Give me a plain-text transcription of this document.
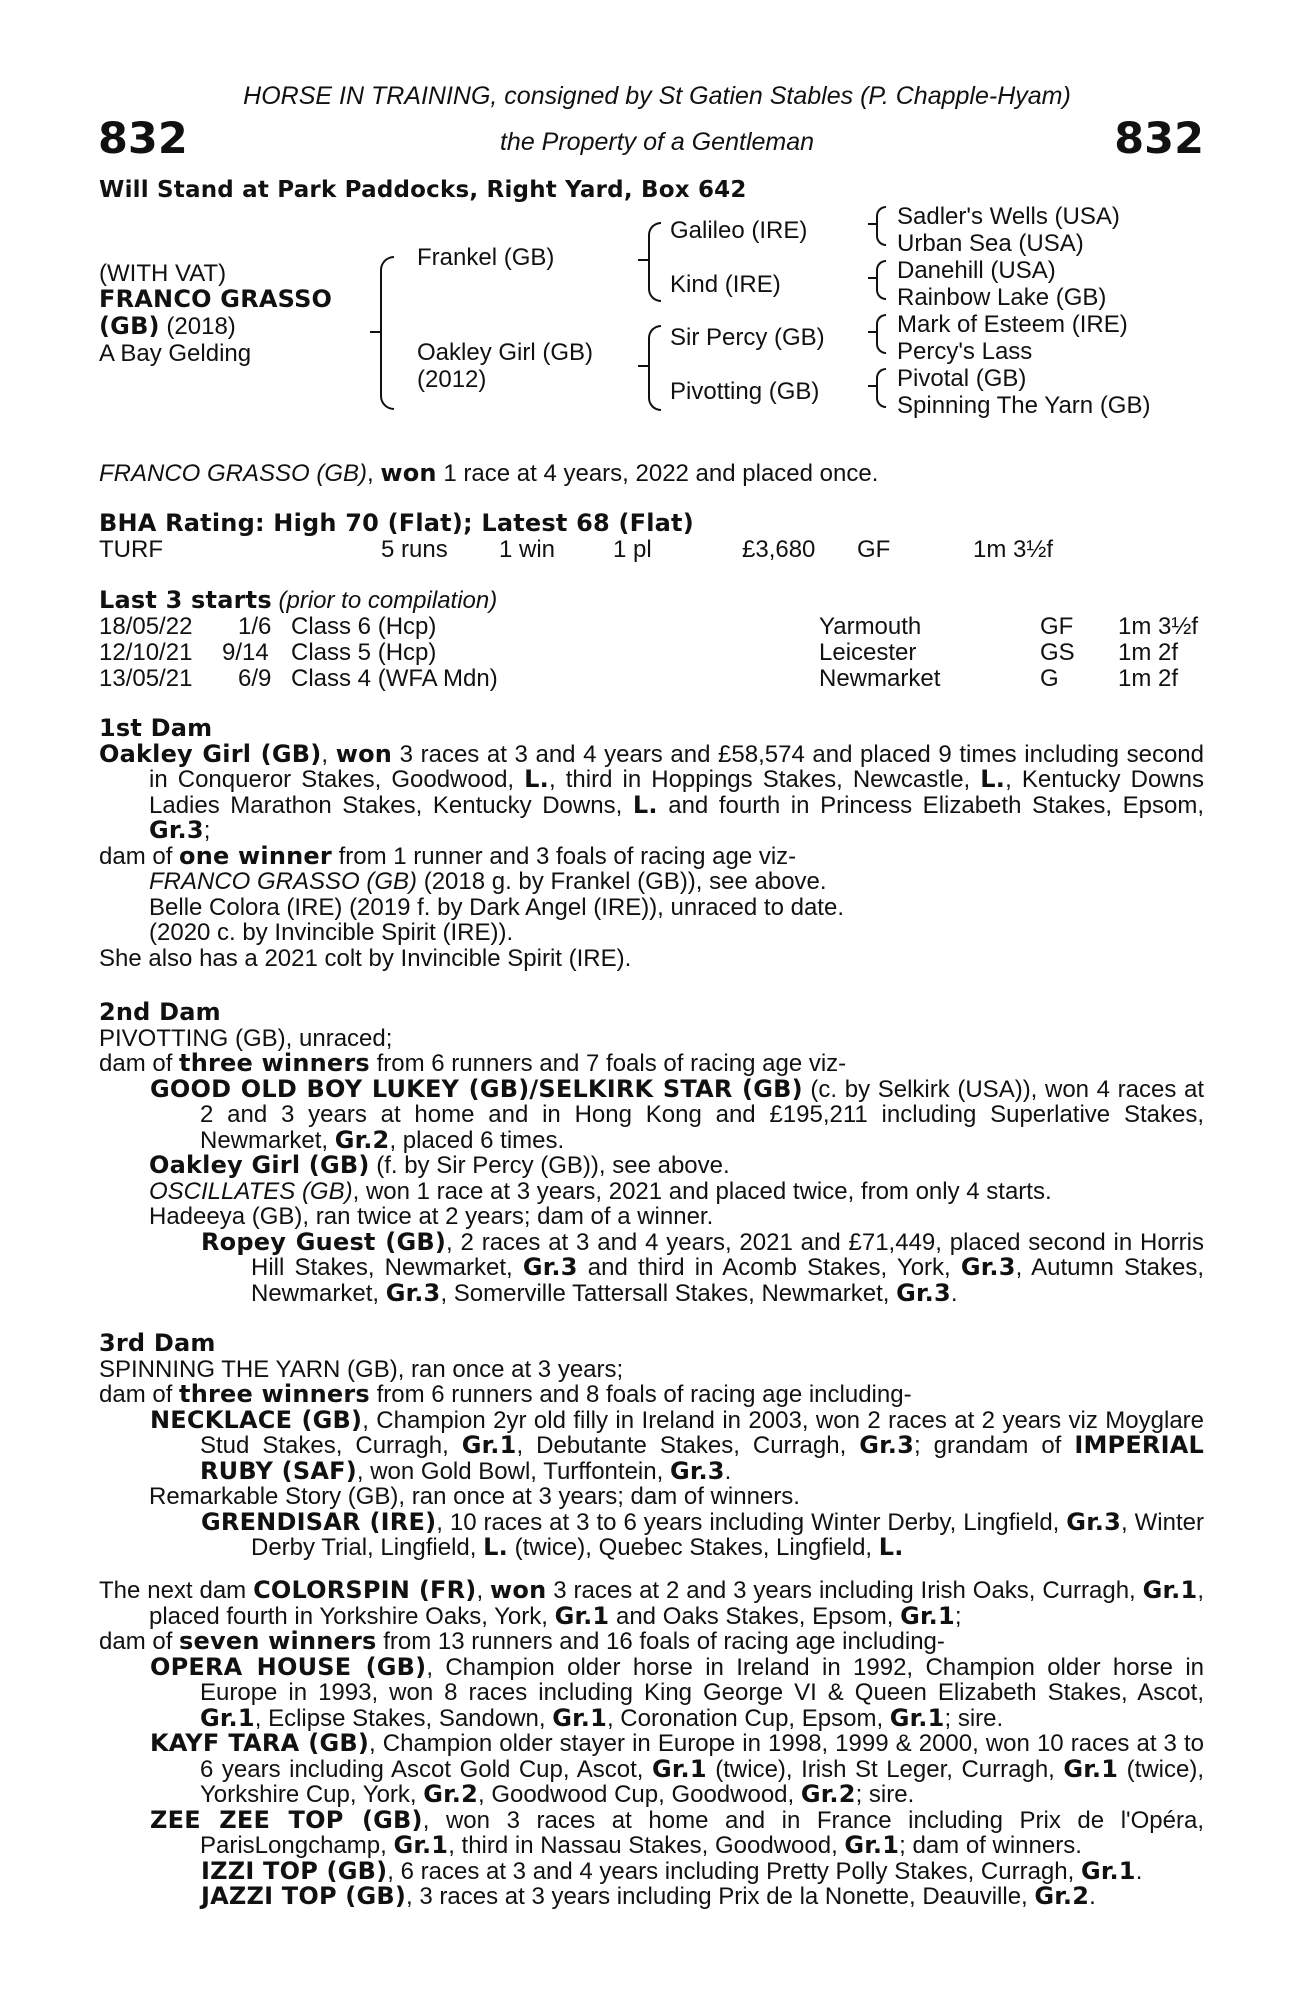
HORSE IN TRAINING, consigned by St Gatien Stables (P. Chapple-Hyam)
832	832
the Property of a Gentleman
Will Stand at Park Paddocks, Right Yard, Box 642
(WITH VAT)
FRANCO GRASSO
(GB) (2018)
A Bay Gelding
Frankel (GB)
Oakley Girl (GB)
(2012)
Galileo (IRE)
Kind (IRE)
Sir Percy (GB)
Pivotting (GB)
Sadler's Wells (USA)
Urban Sea (USA)
Danehill (USA)
Rainbow Lake (GB)
Mark of Esteem (IRE)
Percy's Lass
Pivotal (GB)
Spinning The Yarn (GB)
FRANCO GRASSO (GB), won 1 race at 4 years, 2022 and placed once.
BHA Rating: High 70 (Flat); Latest 68 (Flat)
TURF	5 runs 1 win 1 pl	£3,680 GF	1m 3½f
Last 3 starts (prior to compilation)
18/05/22 1/6 Class 6 (Hcp)	Yarmouth	GF 1m 3½f
12/10/21 9/14 Class 5 (Hcp)	Leicester	GS 1m 2f
13/05/21 6/9 Class 4 (WFA Mdn)	Newmarket	G 1m 2f

1st Dam

Oakley Girl (GB), won 3 races at 3 and 4 years and £58,574 and placed 9 times including second in Conqueror Stakes, Goodwood, L., third in Hoppings Stakes, Newcastle, L., Kentucky Downs Ladies Marathon Stakes, Kentucky Downs, L. and fourth in Princess Elizabeth Stakes, Epsom, Gr.3;

dam of one winner from 1 runner and 3 foals of racing age viz-

FRANCO GRASSO (GB) (2018 g. by Frankel (GB)), see above.

Belle Colora (IRE) (2019 f. by Dark Angel (IRE)), unraced to date.

(2020 c. by Invincible Spirit (IRE)).

She also has a 2021 colt by Invincible Spirit (IRE).

2nd Dam

PIVOTTING (GB), unraced;

dam of three winners from 6 runners and 7 foals of racing age viz-

GOOD OLD BOY LUKEY (GB)/SELKIRK STAR (GB) (c. by Selkirk (USA)), won 4 races at 2 and 3 years at home and in Hong Kong and £195,211 including Superlative Stakes, Newmarket, Gr.2, placed 6 times.

Oakley Girl (GB) (f. by Sir Percy (GB)), see above.

OSCILLATES (GB), won 1 race at 3 years, 2021 and placed twice, from only 4 starts.

Hadeeya (GB), ran twice at 2 years; dam of a winner.

Ropey Guest (GB), 2 races at 3 and 4 years, 2021 and £71,449, placed second in Horris Hill Stakes, Newmarket, Gr.3 and third in Acomb Stakes, York, Gr.3, Autumn Stakes, Newmarket, Gr.3, Somerville Tattersall Stakes, Newmarket, Gr.3.

3rd Dam

SPINNING THE YARN (GB), ran once at 3 years;

dam of three winners from 6 runners and 8 foals of racing age including-

NECKLACE (GB), Champion 2yr old filly in Ireland in 2003, won 2 races at 2 years viz Moyglare Stud Stakes, Curragh, Gr.1, Debutante Stakes, Curragh, Gr.3; grandam of IMPERIAL RUBY (SAF), won Gold Bowl, Turffontein, Gr.3.

Remarkable Story (GB), ran once at 3 years; dam of winners.

GRENDISAR (IRE), 10 races at 3 to 6 years including Winter Derby, Lingfield, Gr.3, Winter Derby Trial, Lingfield, L. (twice), Quebec Stakes, Lingfield, L.

The next dam COLORSPIN (FR), won 3 races at 2 and 3 years including Irish Oaks, Curragh, Gr.1, placed fourth in Yorkshire Oaks, York, Gr.1 and Oaks Stakes, Epsom, Gr.1;

dam of seven winners from 13 runners and 16 foals of racing age including-

OPERA HOUSE (GB), Champion older horse in Ireland in 1992, Champion older horse in Europe in 1993, won 8 races including King George VI & Queen Elizabeth Stakes, Ascot, Gr.1, Eclipse Stakes, Sandown, Gr.1, Coronation Cup, Epsom, Gr.1; sire.

KAYF TARA (GB), Champion older stayer in Europe in 1998, 1999 & 2000, won 10 races at 3 to 6 years including Ascot Gold Cup, Ascot, Gr.1 (twice), Irish St Leger, Curragh, Gr.1 (twice), Yorkshire Cup, York, Gr.2, Goodwood Cup, Goodwood, Gr.2; sire.

ZEE ZEE TOP (GB), won 3 races at home and in France including Prix de l'Opéra, ParisLongchamp, Gr.1, third in Nassau Stakes, Goodwood, Gr.1; dam of winners.

IZZI TOP (GB), 6 races at 3 and 4 years including Pretty Polly Stakes, Curragh, Gr.1.

JAZZI TOP (GB), 3 races at 3 years including Prix de la Nonette, Deauville, Gr.2.
